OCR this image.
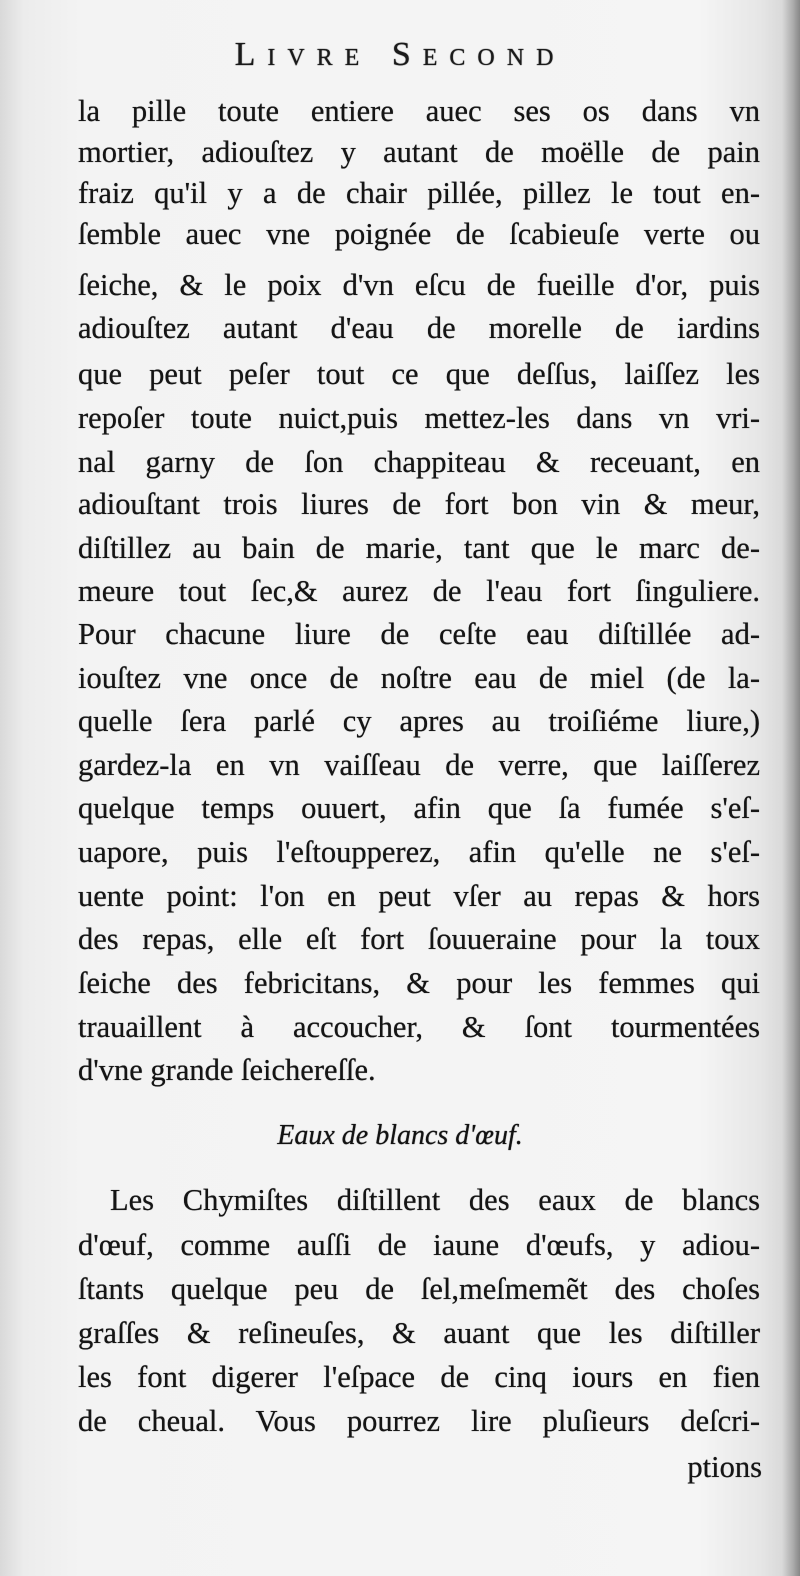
Livre Second
la pille toute entiere auec ses os dans vn
mortier, adiouſtez y autant de moëlle de pain
fraiz qu'il y a de chair pillée, pillez le tout en-
ſemble auec vne poignée de ſcabieuſe verte ou
ſeiche, & le poix d'vn eſcu de fueille d'or, puis
adiouſtez autant d'eau de morelle de iardins
que peut peſer tout ce que deſſus, laiſſez les
repoſer toute nuict,puis mettez-les dans vn vri-
nal garny de ſon chappiteau & receuant, en
adiouſtant trois liures de fort bon vin & meur,
diſtillez au bain de marie, tant que le marc de-
meure tout ſec,& aurez de l'eau fort ſinguliere.
Pour chacune liure de ceſte eau diſtillée ad-
iouſtez vne once de noſtre eau de miel (de la-
quelle ſera parlé cy apres au troiſiéme liure,)
gardez-la en vn vaiſſeau de verre, que laiſſerez
quelque temps ouuert, afin que ſa fumée s'eſ-
uapore, puis l'eſtoupperez, afin qu'elle ne s'eſ-
uente point: l'on en peut vſer au repas & hors
des repas, elle eſt fort ſouueraine pour la toux
ſeiche des febricitans, & pour les femmes qui
trauaillent à accoucher, & ſont tourmentées
d'vne grande ſeichereſſe.
Eaux de blancs d'œuf.
Les Chymiſtes diſtillent des eaux de blancs
d'œuf, comme auſſi de iaune d'œufs, y adiou-
ſtants quelque peu de ſel,meſmemẽt des choſes
graſſes & reſineuſes, & auant que les diſtiller
les font digerer l'eſpace de cinq iours en fien
de cheual. Vous pourrez lire pluſieurs deſcri-
ptions
